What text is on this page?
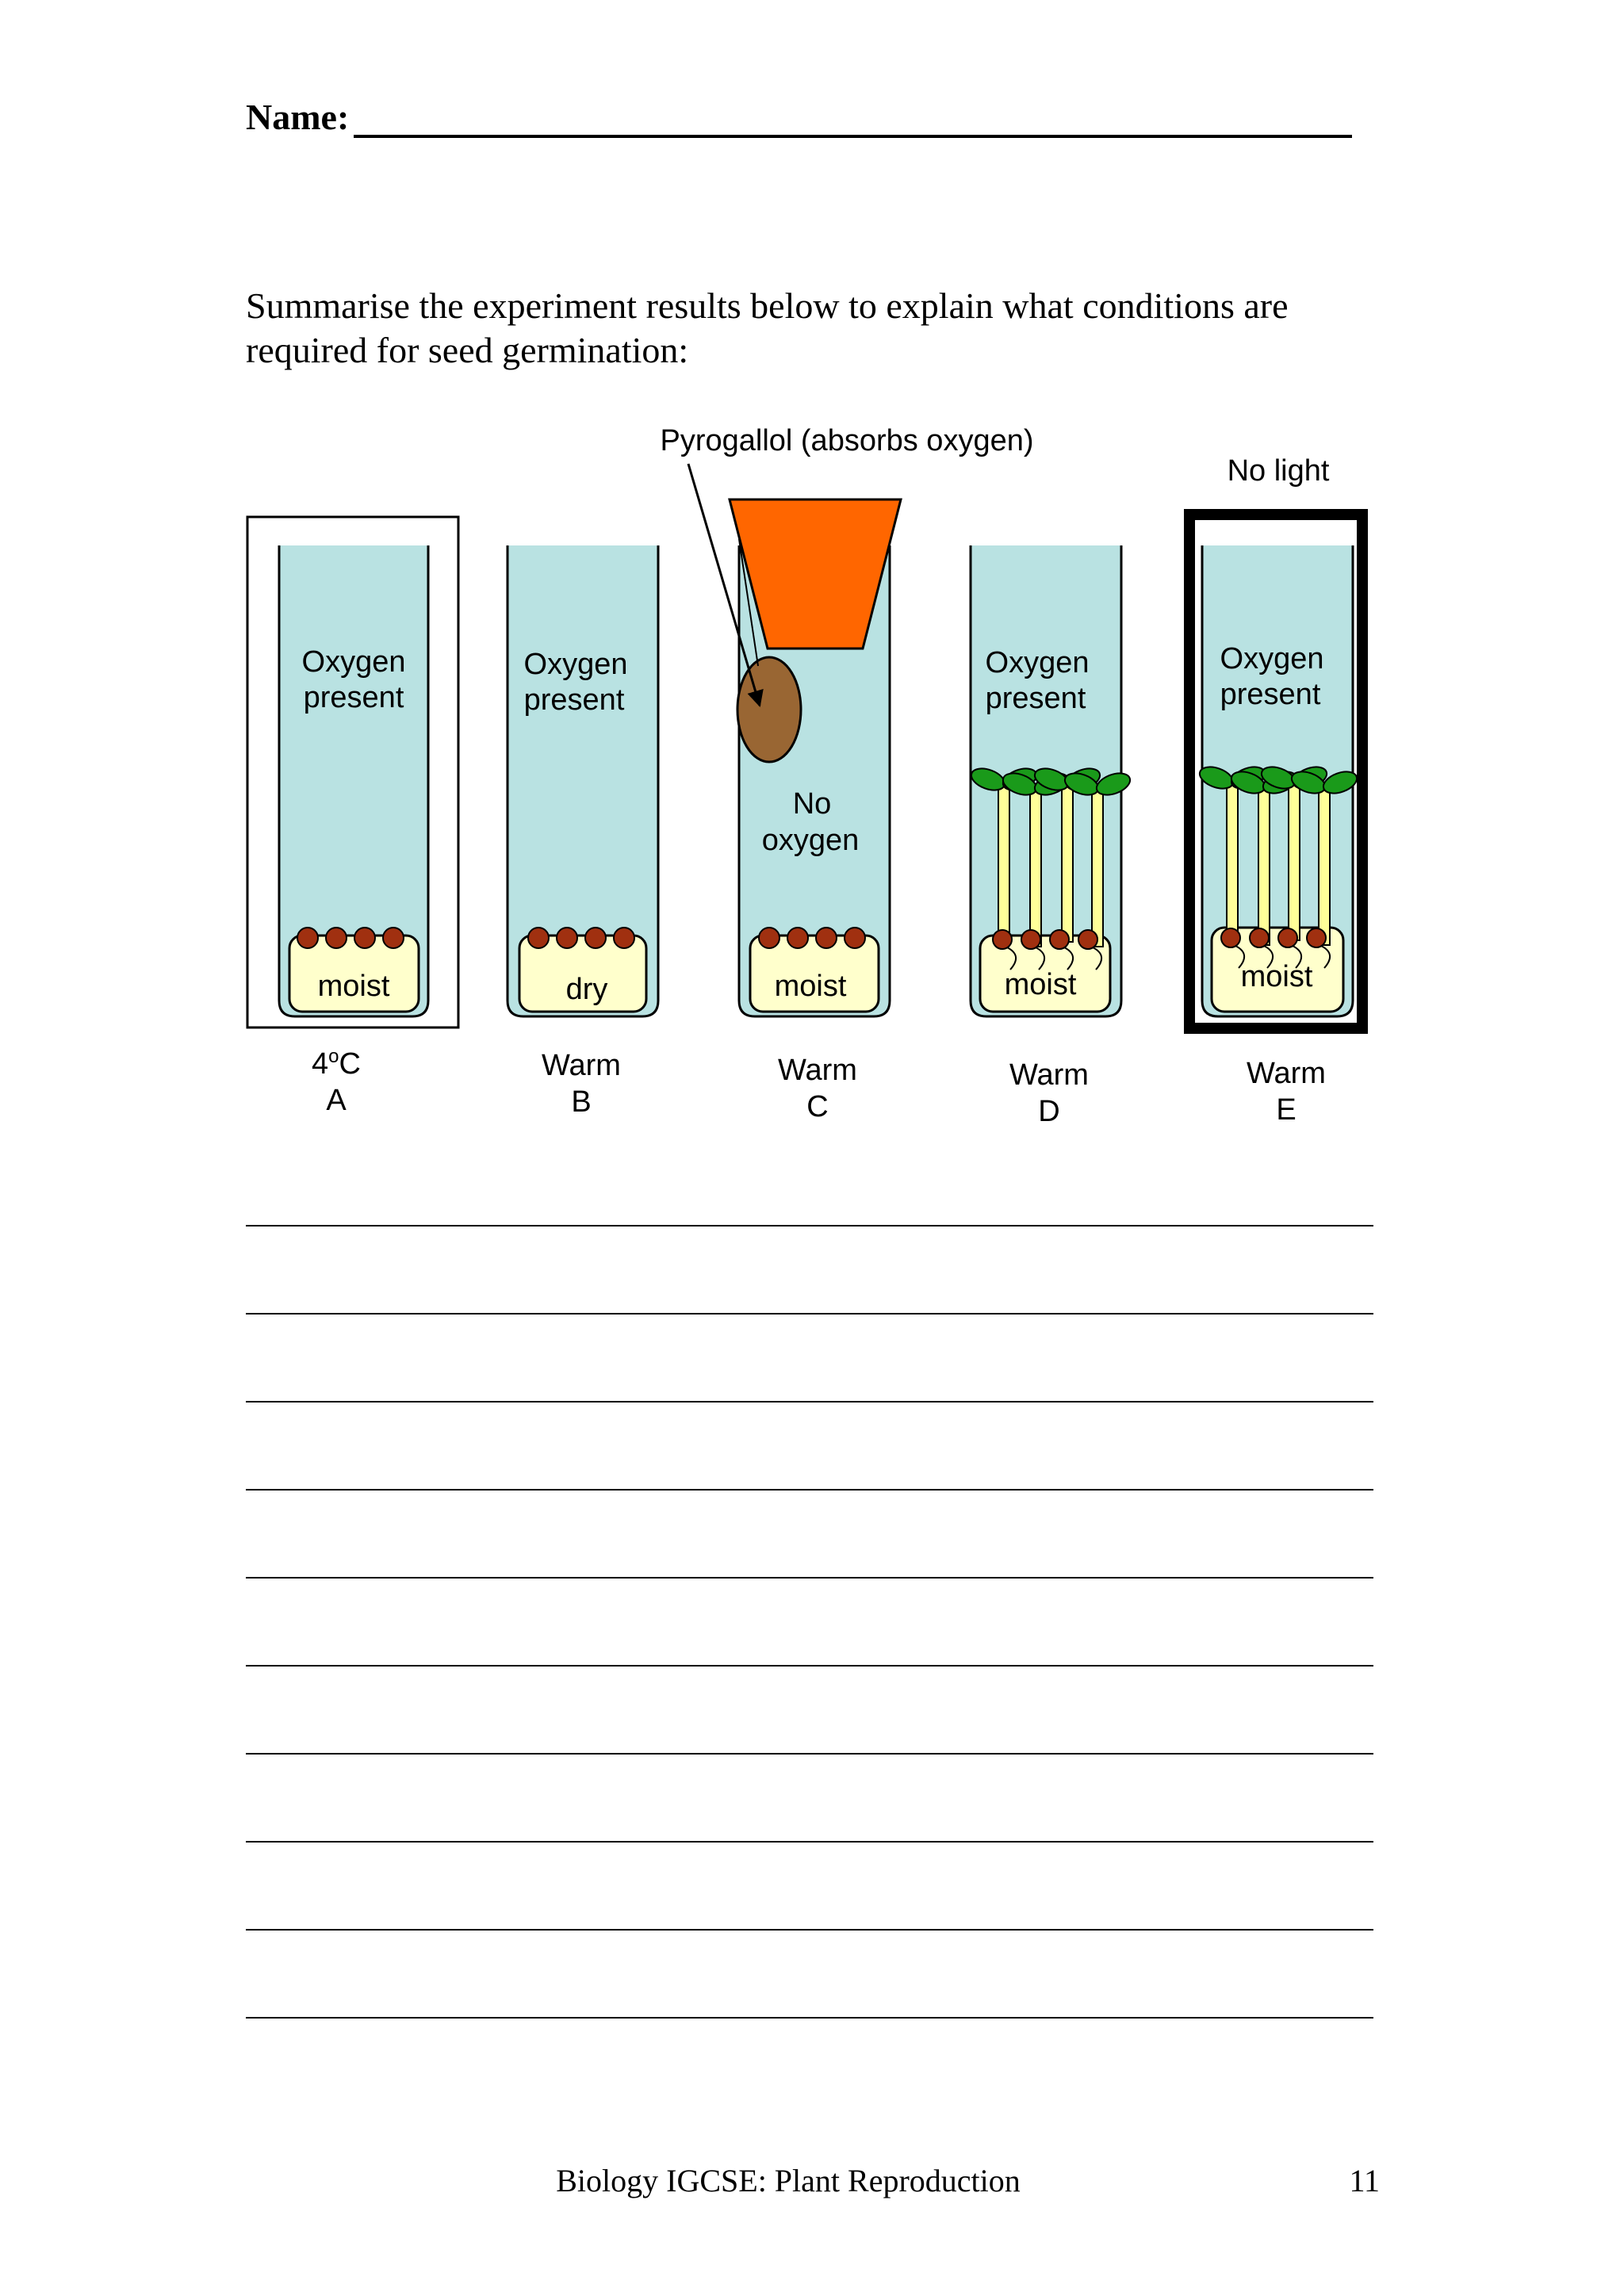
Name:
Summarise the experiment results below to explain what conditions are required for seed germination:
Pyrogallol (absorbs oxygen)
No light
Oxygen
present
moist
4$^o$C
A
Oxygen
present
dry
Warm
B
No
oxygen
moist
Warm
C
Oxygen
present
moist
Warm
D
Oxygen
present
moist
Warm
E
Biology IGCSE: Plant Reproduction	11
